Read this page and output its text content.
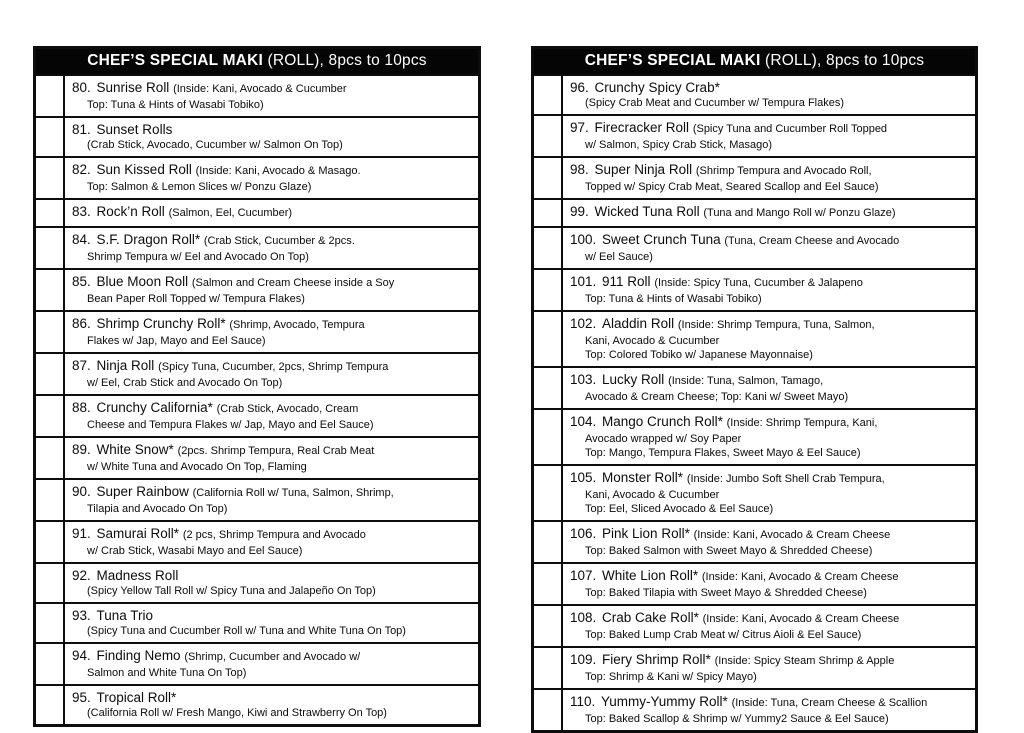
CHEF’S SPECIAL MAKI (ROLL), 8pcs to 10pcs
80. Sunrise Roll (Inside: Kani, Avocado & Cucumber
Top: Tuna & Hints of Wasabi Tobiko)
81. Sunset Rolls
(Crab Stick, Avocado, Cucumber w/ Salmon On Top)
82. Sun Kissed Roll (Inside: Kani, Avocado & Masago.
Top: Salmon & Lemon Slices w/ Ponzu Glaze)
83. Rock’n Roll (Salmon, Eel, Cucumber)
84. S.F. Dragon Roll* (Crab Stick, Cucumber & 2pcs.
Shrimp Tempura w/ Eel and Avocado On Top)
85. Blue Moon Roll (Salmon and Cream Cheese inside a Soy
Bean Paper Roll Topped w/ Tempura Flakes)
86. Shrimp Crunchy Roll* (Shrimp, Avocado, Tempura
Flakes w/ Jap, Mayo and Eel Sauce)
87. Ninja Roll (Spicy Tuna, Cucumber, 2pcs, Shrimp Tempura
w/ Eel, Crab Stick and Avocado On Top)
88. Crunchy California* (Crab Stick, Avocado, Cream
Cheese and Tempura Flakes w/ Jap, Mayo and Eel Sauce)
89. White Snow* (2pcs. Shrimp Tempura, Real Crab Meat
w/ White Tuna and Avocado On Top, Flaming
90. Super Rainbow (California Roll w/ Tuna, Salmon, Shrimp,
Tilapia and Avocado On Top)
91. Samurai Roll* (2 pcs, Shrimp Tempura and Avocado
w/ Crab Stick, Wasabi Mayo and Eel Sauce)
92. Madness Roll
(Spicy Yellow Tall Roll w/ Spicy Tuna and Jalapeño On Top)
93. Tuna Trio
(Spicy Tuna and Cucumber Roll w/ Tuna and White Tuna On Top)
94. Finding Nemo (Shrimp, Cucumber and Avocado w/
Salmon and White Tuna On Top)
95. Tropical Roll*
(California Roll w/ Fresh Mango, Kiwi and Strawberry On Top)
CHEF’S SPECIAL MAKI (ROLL), 8pcs to 10pcs
96. Crunchy Spicy Crab*
(Spicy Crab Meat and Cucumber w/ Tempura Flakes)
97. Firecracker Roll (Spicy Tuna and Cucumber Roll Topped
w/ Salmon, Spicy Crab Stick, Masago)
98. Super Ninja Roll (Shrimp Tempura and Avocado Roll,
Topped w/ Spicy Crab Meat, Seared Scallop and Eel Sauce)
99. Wicked Tuna Roll (Tuna and Mango Roll w/ Ponzu Glaze)
100. Sweet Crunch Tuna (Tuna, Cream Cheese and Avocado
w/ Eel Sauce)
101. 911 Roll (Inside: Spicy Tuna, Cucumber & Jalapeno
Top: Tuna & Hints of Wasabi Tobiko)
102. Aladdin Roll (Inside: Shrimp Tempura, Tuna, Salmon,
Kani, Avocado & Cucumber
Top: Colored Tobiko w/ Japanese Mayonnaise)
103. Lucky Roll (Inside: Tuna, Salmon, Tamago,
Avocado & Cream Cheese; Top: Kani w/ Sweet Mayo)
104. Mango Crunch Roll* (Inside: Shrimp Tempura, Kani,
Avocado wrapped w/ Soy Paper
Top: Mango, Tempura Flakes, Sweet Mayo & Eel Sauce)
105. Monster Roll* (Inside: Jumbo Soft Shell Crab Tempura,
Kani, Avocado & Cucumber
Top: Eel, Sliced Avocado & Eel Sauce)
106. Pink Lion Roll* (Inside: Kani, Avocado & Cream Cheese
Top: Baked Salmon with Sweet Mayo & Shredded Cheese)
107. White Lion Roll* (Inside: Kani, Avocado & Cream Cheese
Top: Baked Tilapia with Sweet Mayo & Shredded Cheese)
108. Crab Cake Roll* (Inside: Kani, Avocado & Cream Cheese
Top: Baked Lump Crab Meat w/ Citrus Aioli & Eel Sauce)
109. Fiery Shrimp Roll* (Inside: Spicy Steam Shrimp & Apple
Top: Shrimp & Kani w/ Spicy Mayo)
110. Yummy-Yummy Roll* (Inside: Tuna, Cream Cheese & Scallion
Top: Baked Scallop & Shrimp w/ Yummy2 Sauce & Eel Sauce)
